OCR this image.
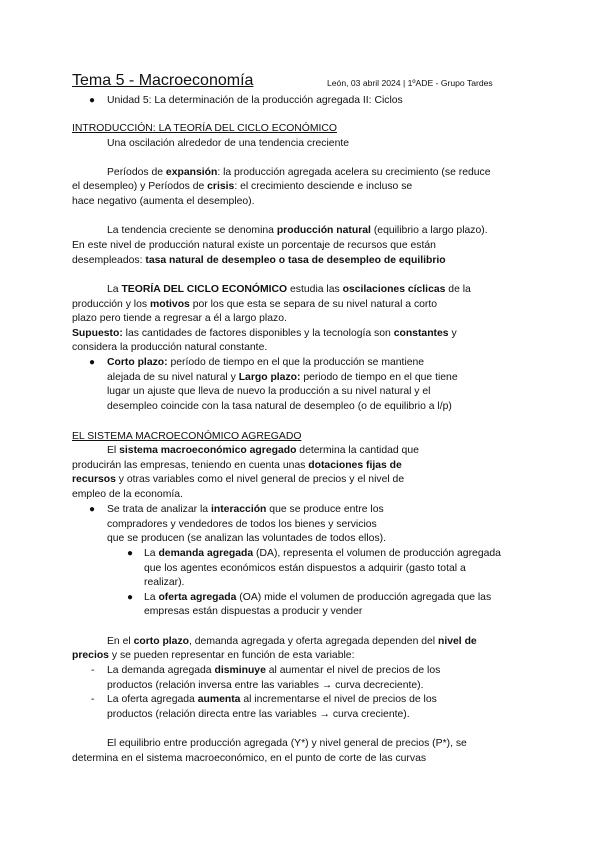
Tema 5 - Macroeconomía	León, 03 abril 2024 | 1ºADE - Grupo Tardes
● Unidad 5: La determinación de la producción agregada II: Ciclos
INTRODUCCIÓN: LA TEORÍA DEL CICLO ECONÓMICO
Una oscilación alrededor de una tendencia creciente
Períodos de expansión: la producción agregada acelera su crecimiento (se reduce
el desempleo) y Períodos de crisis: el crecimiento desciende e incluso se
hace negativo (aumenta el desempleo).
La tendencia creciente se denomina producción natural (equilibrio a largo plazo).
En este nivel de producción natural existe un porcentaje de recursos que están
desempleados: tasa natural de desempleo o tasa de desempleo de equilibrio
La TEORÍA DEL CICLO ECONÓMICO estudia las oscilaciones cíclicas de la
producción y los motivos por los que esta se separa de su nivel natural a corto
plazo pero tiende a regresar a él a largo plazo.
Supuesto: las cantidades de factores disponibles y la tecnología son constantes y
considera la producción natural constante.
● Corto plazo: período de tiempo en el que la producción se mantiene
alejada de su nivel natural y Largo plazo: periodo de tiempo en el que tiene
lugar un ajuste que lleva de nuevo la producción a su nivel natural y el
desempleo coincide con la tasa natural de desempleo (o de equilibrio a l/p)
EL SISTEMA MACROECONÓMICO AGREGADO
El sistema macroeconómico agregado determina la cantidad que
producirán las empresas, teniendo en cuenta unas dotaciones fijas de
recursos y otras variables como el nivel general de precios y el nivel de
empleo de la economía.
● Se trata de analizar la interacción que se produce entre los
compradores y vendedores de todos los bienes y servicios
que se producen (se analizan las voluntades de todos ellos).
● La demanda agregada (DA), representa el volumen de producción agregada
que los agentes económicos están dispuestos a adquirir (gasto total a
realizar).
● La oferta agregada (OA) mide el volumen de producción agregada que las
empresas están dispuestas a producir y vender
En el corto plazo, demanda agregada y oferta agregada dependen del nivel de
precios y se pueden representar en función de esta variable:
- La demanda agregada disminuye al aumentar el nivel de precios de los
productos (relación inversa entre las variables → curva decreciente).
- La oferta agregada aumenta al incrementarse el nivel de precios de los
productos (relación directa entre las variables → curva creciente).
El equilibrio entre producción agregada (Y*) y nivel general de precios (P*), se
determina en el sistema macroeconómico, en el punto de corte de las curvas
